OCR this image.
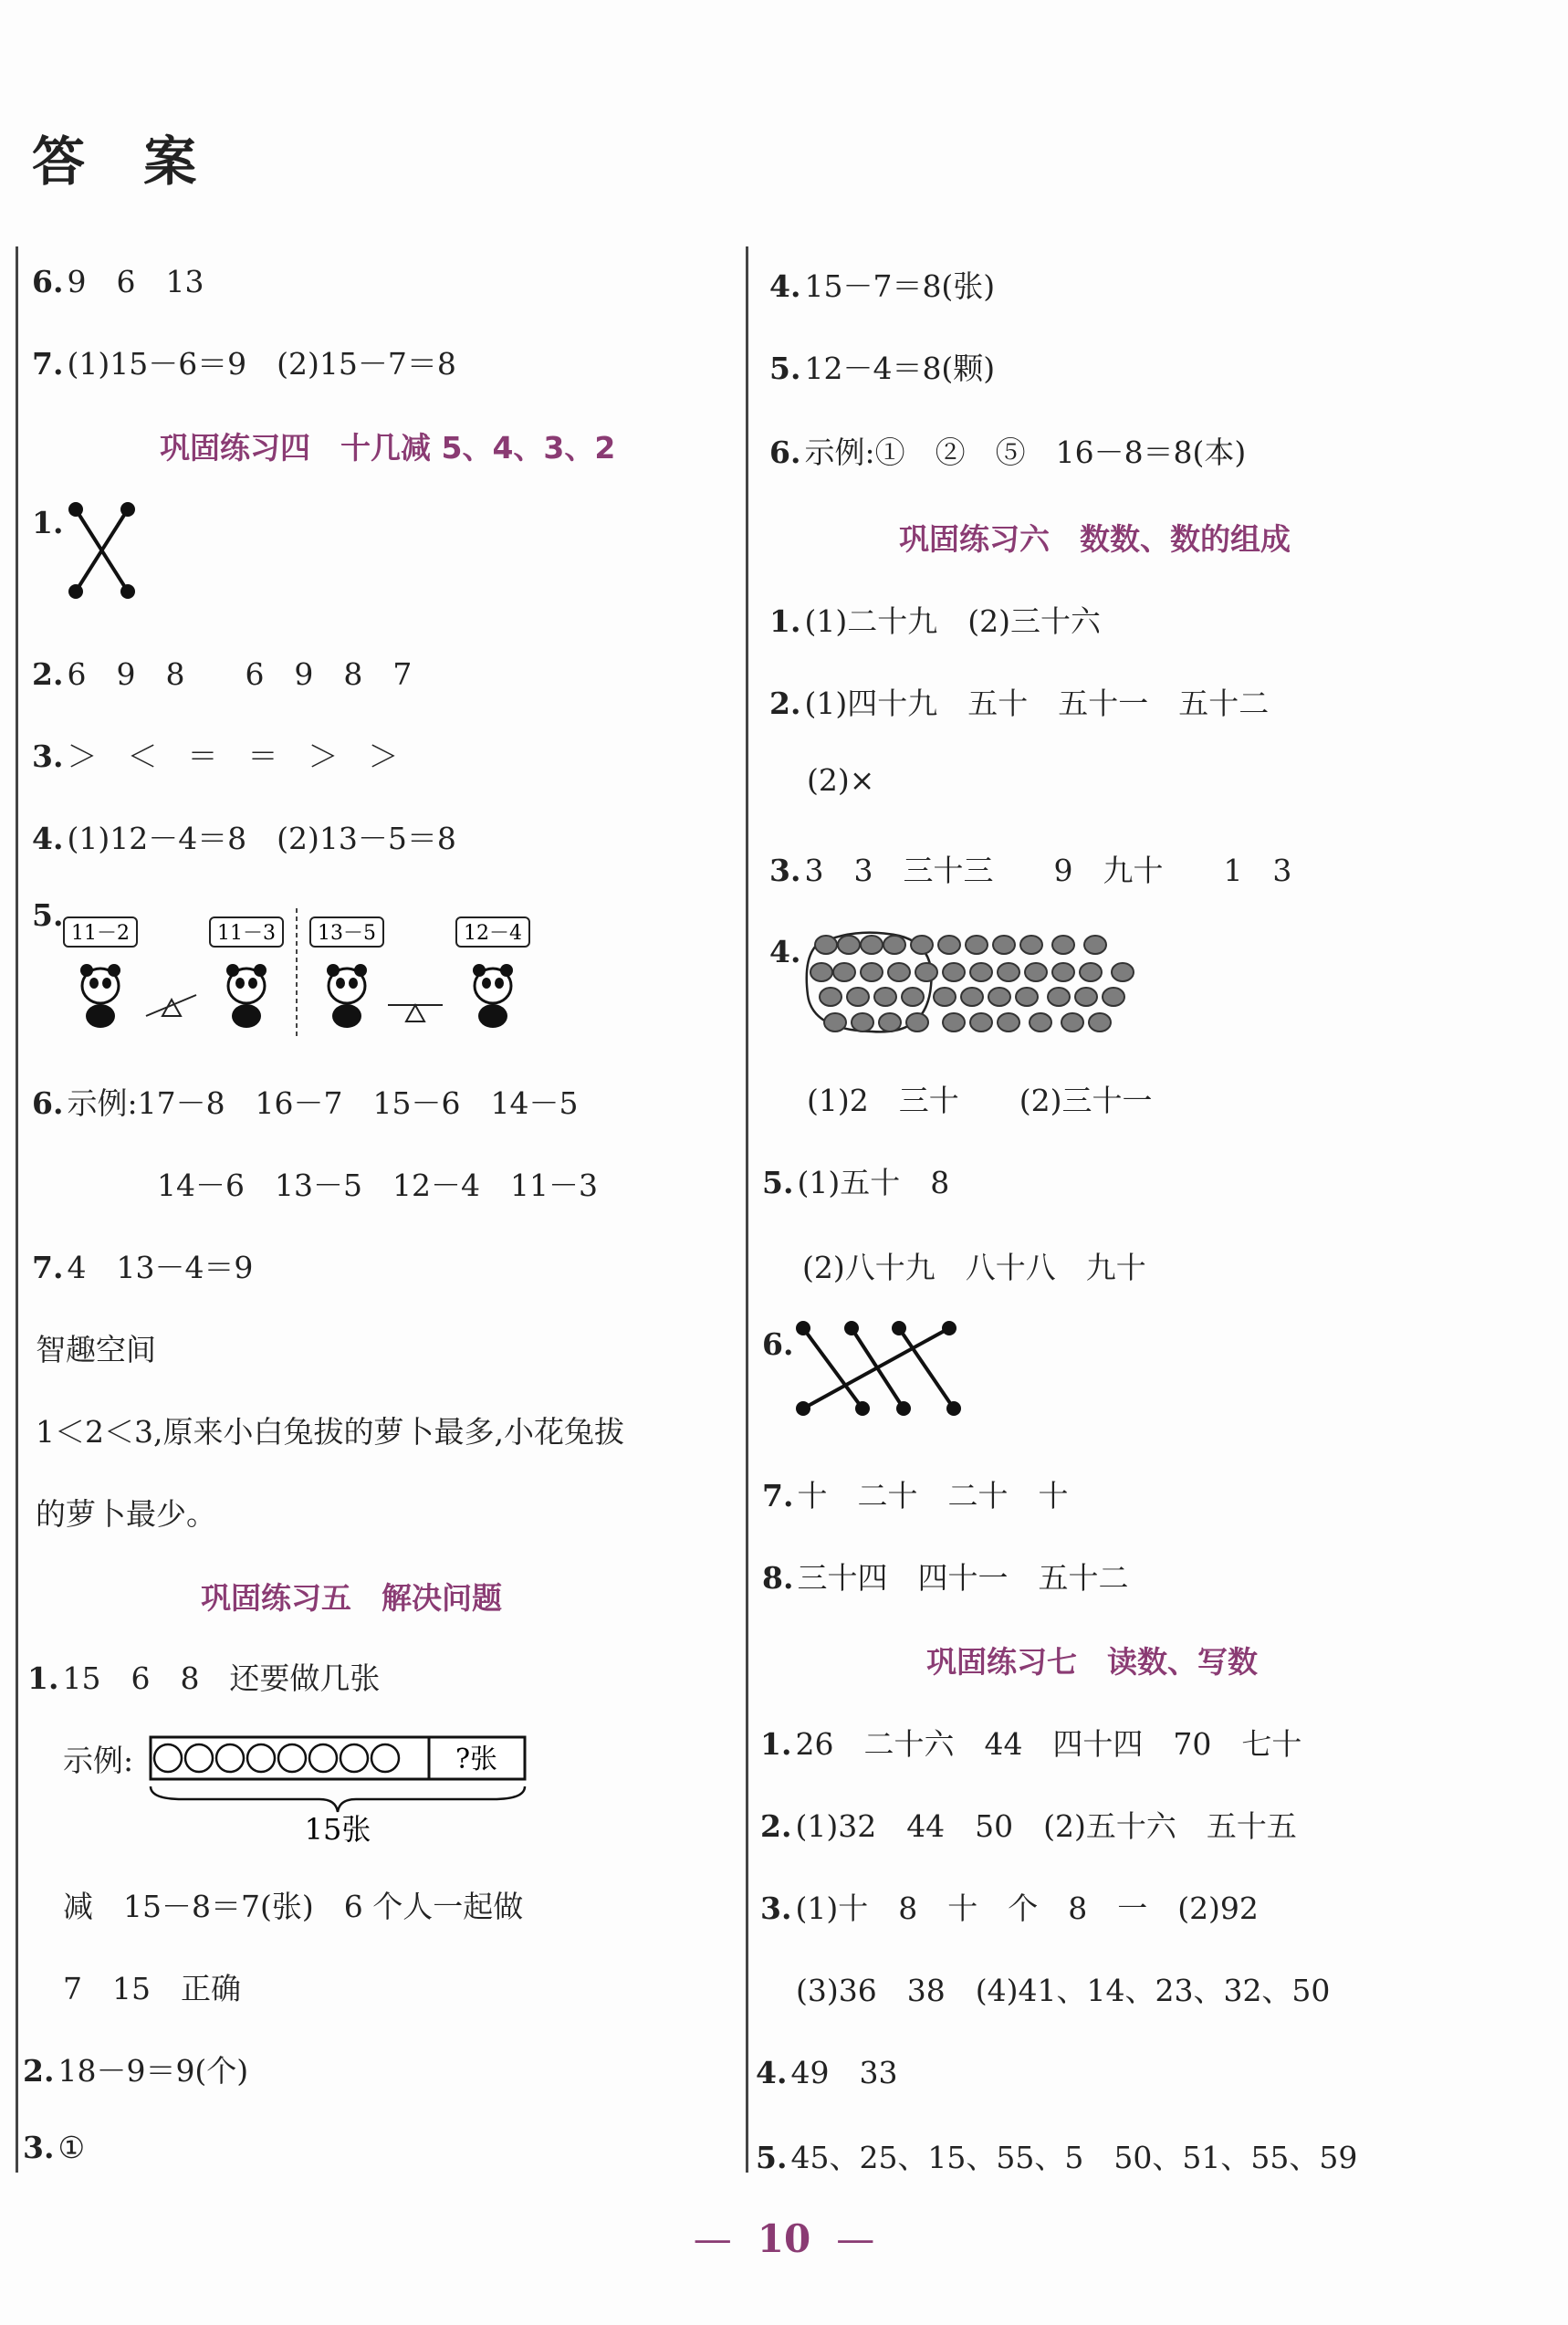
答 案
6. 9　6　13
7. (1)15－6＝9　(2)15－7＝8
巩固练习四　十几减 5、4、3、2
1.
2. 6　9　8　　6　9　8　7
3. ＞　＜　＝　＝　＞　＞
4. (1)12－4＝8　(2)13－5＝8
5.
11－2	11－3 13－5	12－4
6. 示例:17－8　16－7　15－6　14－5
14－6　13－5　12－4　11－3
7. 4　13－4＝9
智趣空间
1＜2＜3,原来小白兔拔的萝卜最多,小花兔拔
的萝卜最少。
巩固练习五　解决问题
1. 15　6　8　还要做几张
示例:	?张
15张
减　15－8＝7(张)　6 个人一起做
7　15　正确
2. 18－9＝9(个)
3. ①
4. 15－7＝8(张)
5. 12－4＝8(颗)
6. 示例:①　②　⑤　16－8＝8(本)
巩固练习六　数数、数的组成
1. (1)二十九　(2)三十六
2. (1)四十九　五十　五十一　五十二
(2)×
3. 3　3　三十三　　9　九十　　1　3
4.
(1)2　三十　　(2)三十一
5. (1)五十　8
(2)八十九　八十八　九十
6.
7. 十　二十　二十　十
8. 三十四　四十一　五十二
巩固练习七　读数、写数
1. 26　二十六　44　四十四　70　七十
2. (1)32　44　50　(2)五十六　五十五
3. (1)十　8　十　个　8　一　(2)92
(3)36　38　(4)41、14、23、32、50
4. 49　33
5. 45、25、15、55、5　50、51、55、59
— 10 —
